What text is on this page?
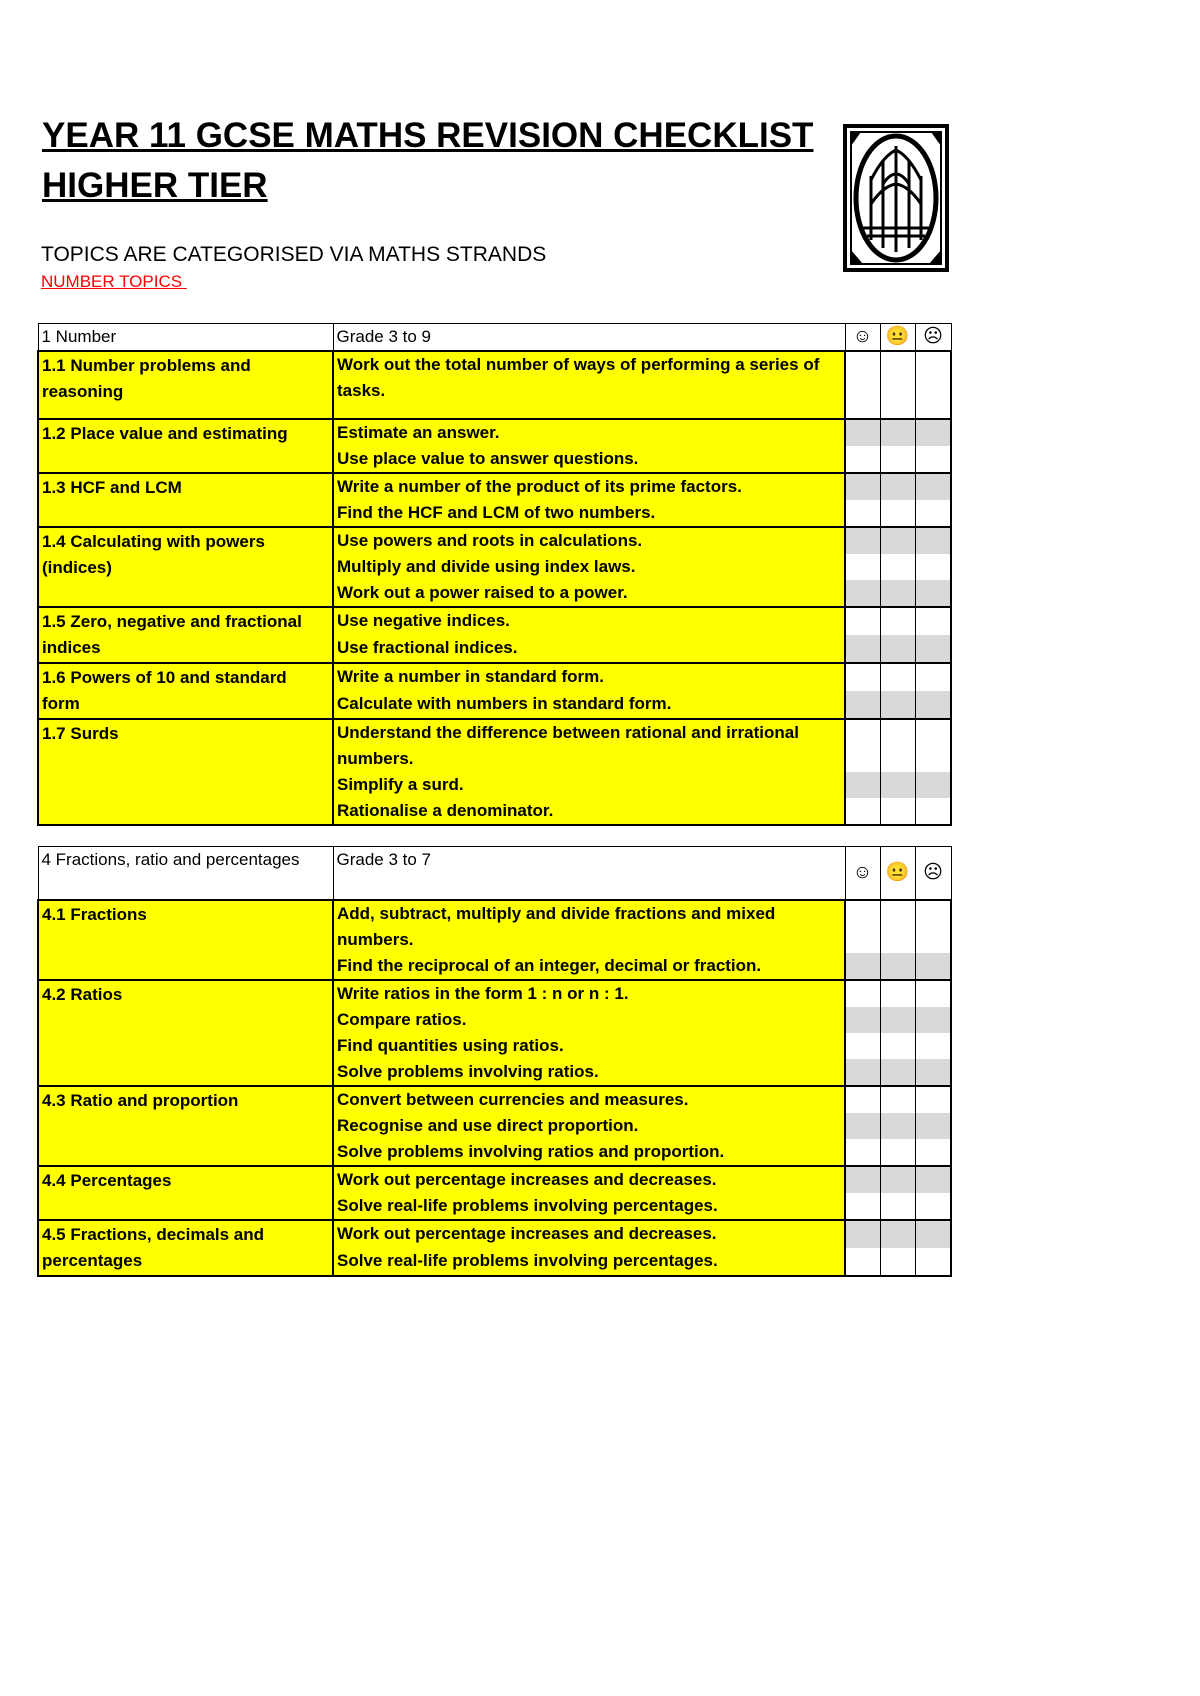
YEAR 11 GCSE MATHS REVISION CHECKLIST
HIGHER TIER
TOPICS ARE CATEGORISED VIA MATHS STRANDS
NUMBER TOPICS
1 Number	Grade 3 to 9	☺	😐	☹
1.1 Number problems and reasoning	Work out the total number of ways of performing a series of tasks.			
1.2 Place value and estimating	Estimate an answer.			
	Use place value to answer questions.			
1.3 HCF and LCM	Write a number of the product of its prime factors.			
	Find the HCF and LCM of two numbers.			
1.4 Calculating with powers (indices)	Use powers and roots in calculations.			
	Multiply and divide using index laws.			
	Work out a power raised to a power.			
1.5 Zero, negative and fractional indices	Use negative indices.			
	Use fractional indices.			
1.6 Powers of 10 and standard form	Write a number in standard form.			
	Calculate with numbers in standard form.			
1.7 Surds	Understand the difference between rational and irrational numbers.			
	Simplify a surd.			
	Rationalise a denominator.			
4 Fractions, ratio and percentages	Grade 3 to 7	☺	😐	☹
4.1 Fractions	Add, subtract, multiply and divide fractions and mixed numbers.			
	Find the reciprocal of an integer, decimal or fraction.			
4.2 Ratios	Write ratios in the form 1 : n or n : 1.			
	Compare ratios.			
	Find quantities using ratios.			
	Solve problems involving ratios.			
4.3 Ratio and proportion	Convert between currencies and measures.			
	Recognise and use direct proportion.			
	Solve problems involving ratios and proportion.			
4.4 Percentages	Work out percentage increases and decreases.			
	Solve real-life problems involving percentages.			
4.5 Fractions, decimals and percentages	Work out percentage increases and decreases.			
	Solve real-life problems involving percentages.			
